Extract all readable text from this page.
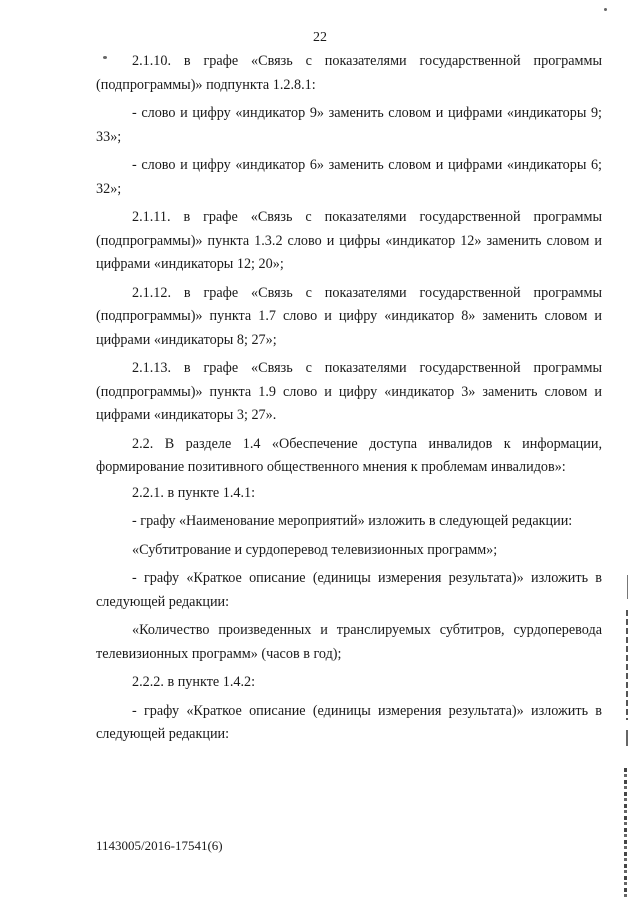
22

2.1.10. в графе «Связь с показателями государственной программы (подпрограммы)» подпункта 1.2.8.1:

- слово и цифру «индикатор 9» заменить словом и цифрами «индикаторы 9; 33»;

- слово и цифру «индикатор 6» заменить словом и цифрами «индикаторы 6; 32»;

2.1.11. в графе «Связь с показателями государственной программы (подпрограммы)» пункта 1.3.2 слово и цифры «индикатор 12» заменить словом и цифрами «индикаторы 12; 20»;

2.1.12. в графе «Связь с показателями государственной программы (подпрограммы)» пункта 1.7 слово и цифру «индикатор 8» заменить словом и цифрами «индикаторы 8; 27»;

2.1.13. в графе «Связь с показателями государственной программы (подпрограммы)» пункта 1.9 слово и цифру «индикатор 3» заменить словом и цифрами «индикаторы 3; 27».

2.2. В разделе 1.4 «Обеспечение доступа инвалидов к информации, формирование позитивного общественного мнения к проблемам инвалидов»:

2.2.1. в пункте 1.4.1:

- графу «Наименование мероприятий» изложить в следующей редакции:

«Субтитрование и сурдоперевод телевизионных программ»;

- графу «Краткое описание (единицы измерения результата)» изложить в следующей редакции:

«Количество произведенных и транслируемых субтитров, сурдоперевода телевизионных программ» (часов в год);

2.2.2. в пункте 1.4.2:

- графу «Краткое описание (единицы измерения результата)» изложить в следующей редакции:

1143005/2016-17541(6)
